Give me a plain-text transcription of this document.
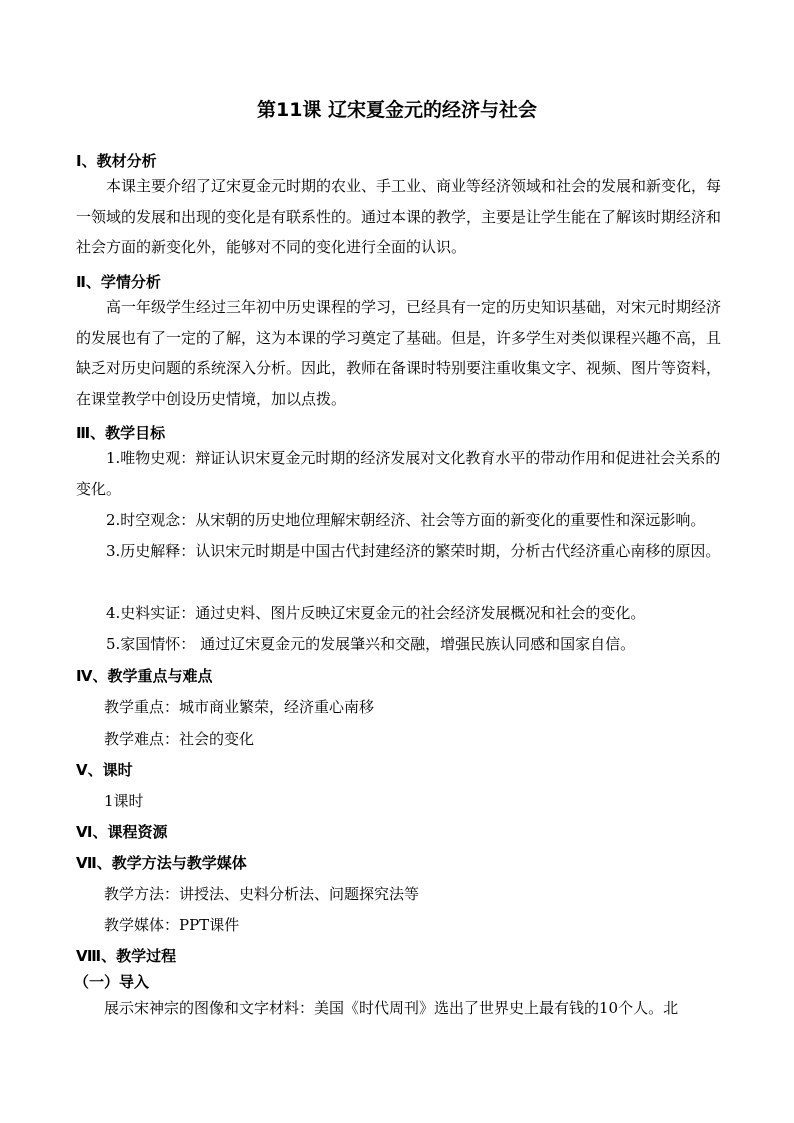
第11课 辽宋夏金元的经济与社会
Ⅰ、教材分析

本课主要介绍了辽宋夏金元时期的农业、手工业、商业等经济领域和社会的发展和新变化，每一领域的发展和出现的变化是有联系性的。通过本课的教学，主要是让学生能在了解该时期经济和社会方面的新变化外，能够对不同的变化进行全面的认识。

Ⅱ、学情分析

高一年级学生经过三年初中历史课程的学习，已经具有一定的历史知识基础，对宋元时期经济的发展也有了一定的了解，这为本课的学习奠定了基础。但是，许多学生对类似课程兴趣不高，且缺乏对历史问题的系统深入分析。因此，教师在备课时特别要注重收集文字、视频、图片等资料，在课堂教学中创设历史情境，加以点拨。

Ⅲ、教学目标

1.唯物史观：辩证认识宋夏金元时期的经济发展对文化教育水平的带动作用和促进社会关系的变化。

2.时空观念：从宋朝的历史地位理解宋朝经济、社会等方面的新变化的重要性和深远影响。

3.历史解释：认识宋元时期是中国古代封建经济的繁荣时期，分析古代经济重心南移的原因。

4.史料实证：通过史料、图片反映辽宋夏金元的社会经济发展概况和社会的变化。

5.家国情怀： 通过辽宋夏金元的发展肇兴和交融，增强民族认同感和国家自信。

Ⅳ、教学重点与难点

教学重点：城市商业繁荣，经济重心南移

教学难点：社会的变化

Ⅴ、课时

1课时

Ⅵ、课程资源
Ⅶ、教学方法与教学媒体

教学方法：讲授法、史料分析法、问题探究法等

教学媒体：PPT课件

Ⅷ、教学过程
（一）导入

展示宋神宗的图像和文字材料：美国《时代周刊》选出了世界史上最有钱的10个人。北
